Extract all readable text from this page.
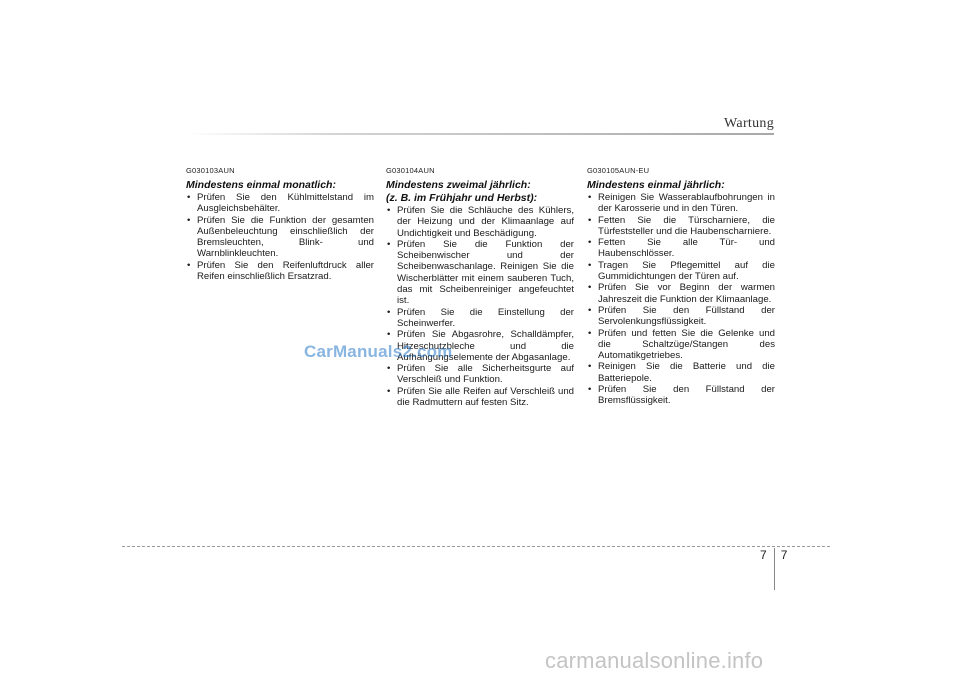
Wartung

G030103AUN

Mindestens einmal monatlich:

• Prüfen Sie den Kühlmittelstand im Ausgleichsbehälter.
• Prüfen Sie die Funktion der gesamten Außenbeleuchtung einschließlich der Bremsleuchten, Blink- und Warnblinkleuchten.
• Prüfen Sie den Reifenluftdruck aller Reifen einschließlich Ersatzrad.

G030104AUN

Mindestens zweimal jährlich:
(z. B. im Frühjahr und Herbst):

• Prüfen Sie die Schläuche des Kühlers, der Heizung und der Klimaanlage auf Undichtigkeit und Beschädigung.
• Prüfen Sie die Funktion der Scheibenwischer und der Scheibenwaschanlage. Reinigen Sie die Wischerblätter mit einem sauberen Tuch, das mit Scheibenreiniger angefeuchtet ist.
• Prüfen Sie die Einstellung der Scheinwerfer.
• Prüfen Sie Abgasrohre, Schalldämpfer, Hitzeschutzbleche und die Aufhängungselemente der Abgasanlage.
• Prüfen Sie alle Sicherheitsgurte auf Verschleiß und Funktion.
• Prüfen Sie alle Reifen auf Verschleiß und die Radmuttern auf festen Sitz.

G030105AUN-EU

Mindestens einmal jährlich:

• Reinigen Sie Wasserablaufbohrungen in der Karosserie und in den Türen.
• Fetten Sie die Türscharniere, die Türfeststeller und die Haubenscharniere.
• Fetten Sie alle Tür- und Haubenschlösser.
• Tragen Sie Pflegemittel auf die Gummidichtungen der Türen auf.
• Prüfen Sie vor Beginn der warmen Jahreszeit die Funktion der Klimaanlage.
• Prüfen Sie den Füllstand der Servolenkungsflüssigkeit.
• Prüfen und fetten Sie die Gelenke und die Schaltzüge/Stangen des Automatikgetriebes.
• Reinigen Sie die Batterie und die Batteriepole.
• Prüfen Sie den Füllstand der Bremsflüssigkeit.
CarManuals2.com
7 7
carmanualsonline.info
